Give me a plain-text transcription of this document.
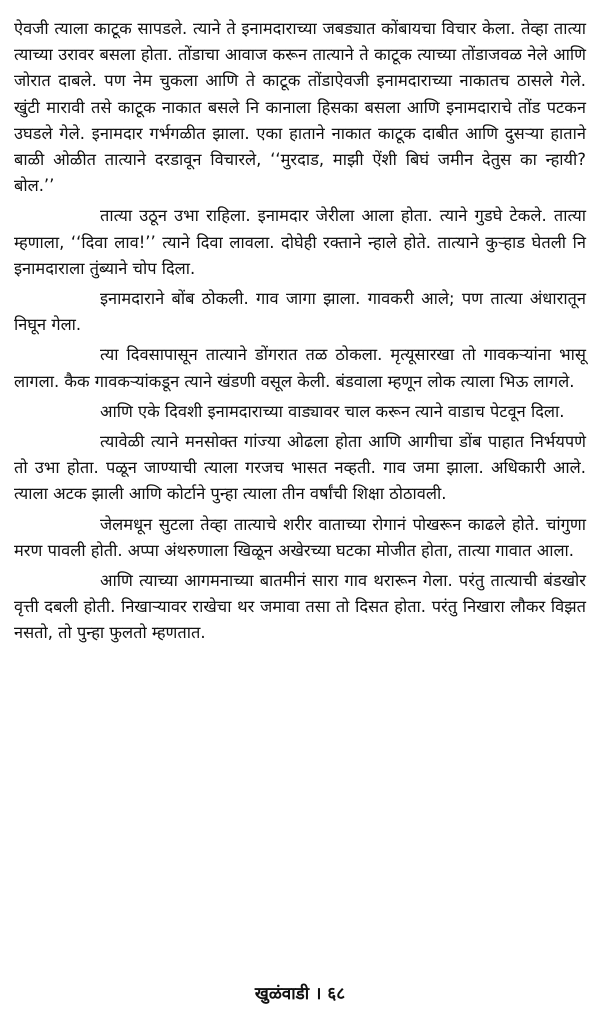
ऐवजी त्याला काटूक सापडले. त्याने ते इनामदाराच्या जबड्यात कोंबायचा विचार केला. तेव्हा तात्या त्याच्या उरावर बसला होता. तोंडाचा आवाज करून तात्याने ते काटूक त्याच्या तोंडाजवळ नेले आणि जोरात दाबले. पण नेम चुकला आणि ते काटूक तोंडाऐवजी इनामदाराच्या नाकातच ठासले गेले. खुंटी मारावी तसे काटूक नाकात बसले नि कानाला हिसका बसला आणि इनामदाराचे तोंड पटकन उघडले गेले. इनामदार गर्भगळीत झाला. एका हाताने नाकात काटूक दाबीत आणि दुसऱ्या हाताने बाळी ओळीत तात्याने दरडावून विचारले, ‘‘मुरदाड, माझी ऐंशी बिघं जमीन देतुस का न्हायी? बोल.’’

तात्या उठून उभा राहिला. इनामदार जेरीला आला होता. त्याने गुडघे टेकले. तात्या म्हणाला, ‘‘दिवा लाव!’’ त्याने दिवा लावला. दोघेही रक्ताने न्हाले होते. तात्याने कुऱ्हाड घेतली नि इनामदाराला तुंब्याने चोप दिला.

इनामदाराने बोंब ठोकली. गाव जागा झाला. गावकरी आले; पण तात्या अंधारातून निघून गेला.

त्या दिवसापासून तात्याने डोंगरात तळ ठोकला. मृत्यूसारखा तो गावकऱ्यांना भासू लागला. कैक गावकऱ्यांकडून त्याने खंडणी वसूल केली. बंडवाला म्हणून लोक त्याला भिऊ लागले.

आणि एके दिवशी इनामदाराच्या वाड्यावर चाल करून त्याने वाडाच पेटवून दिला.

त्यावेळी त्याने मनसोक्त गांज्या ओढला होता आणि आगीचा डोंब पाहात निर्भयपणे तो उभा होता. पळून जाण्याची त्याला गरजच भासत नव्हती. गाव जमा झाला. अधिकारी आले. त्याला अटक झाली आणि कोर्टाने पुन्हा त्याला तीन वर्षांची शिक्षा ठोठावली.

जेलमधून सुटला तेव्हा तात्याचे शरीर वाताच्या रोगानं पोखरून काढले होते. चांगुणा मरण पावली होती. अप्पा अंथरुणाला खिळून अखेरच्या घटका मोजीत होता, तात्या गावात आला.

आणि त्याच्या आगमनाच्या बातमीनं सारा गाव थरारून गेला. परंतु तात्याची बंडखोर वृत्ती दबली होती. निखाऱ्यावर राखेचा थर जमावा तसा तो दिसत होता. परंतु निखारा लौकर विझत नसतो, तो पुन्हा फुलतो म्हणतात.

खुळंवाडी । ६८
